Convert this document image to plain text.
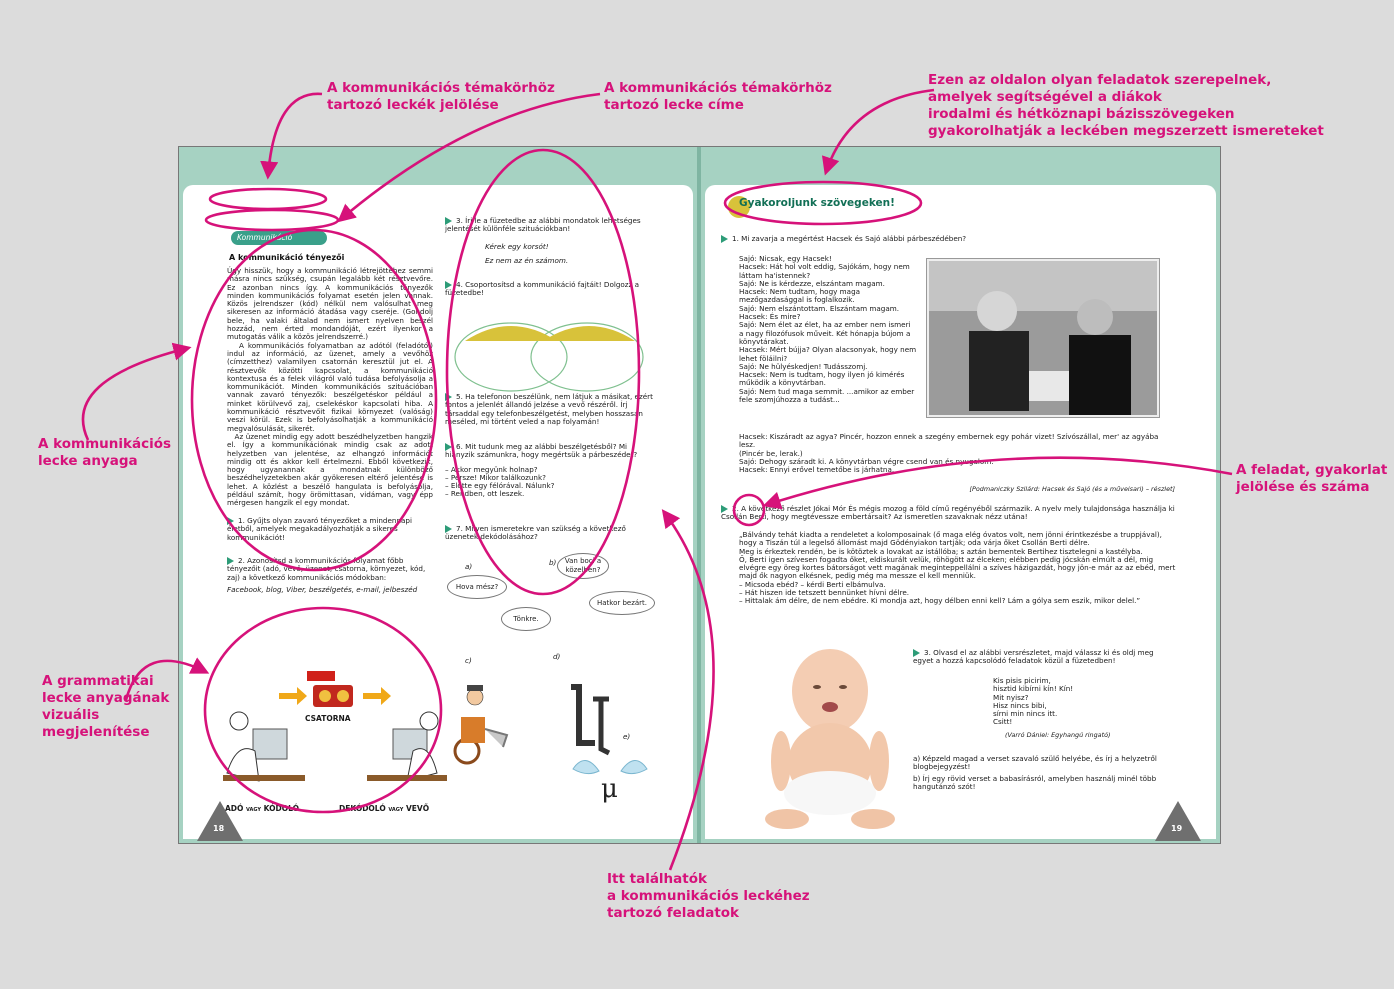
Kommunikáció
A kommunikáció tényezői
Úgy hisszük, hogy a kommunikáció létrejöttéhez semmi másra nincs szükség, csupán legalább két résztvevőre. Ez azonban nincs így. A kommunikációs tényezők minden kommunikációs folyamat esetén jelen vannak. Közös jelrendszer (kód) nélkül nem valósulhat meg sikeresen az információ átadása vagy cseréje. (Gondolj bele, ha valaki általad nem ismert nyelven beszél hozzád, nem érted mondandóját, ezért ilyenkor a mutogatás válik a közös jelrendszerré.)
A kommunikációs folyamatban az adótól (feladótól) indul az információ, az üzenet, amely a vevőhöz (címzetthez) valamilyen csatornán keresztül jut el. A résztvevők közötti kapcsolat, a kommunikáció kontextusa és a felek világról való tudása befolyásolja a kommunikációt. Minden kommunikációs szituációban vannak zavaró tényezők: beszélgetéskor például a minket körülvevő zaj, cselekéskor kapcsolati hiba. A kommunikáció résztvevőit fizikai környezet (valóság) veszi körül. Ezek is befolyásolhatják a kommunikáció megvalósulását, sikerét.
Az üzenet mindig egy adott beszédhelyzetben hangzik el. Így a kommunikációnak mindig csak az adott helyzetben van jelentése, az elhangzó információt mindig ott és akkor kell értelmezni. Ebből következik, hogy ugyanannak a mondatnak különböző beszédhelyzetekben akár gyökeresen eltérő jelentése is lehet. A közlést a beszélő hangulata is befolyásolja, például számít, hogy örömittasan, vidáman, vagy épp mérgesen hangzik el egy mondat.
1. Gyűjts olyan zavaró tényezőket a mindennapi életből, amelyek megakadályozhatják a sikeres kommunikációt!
2. Azonosítsd a kommunikációs folyamat főbb tényezőit (adó, vevő, üzenet, csatorna, környezet, kód, zaj) a következő kommunikációs módokban:

Facebook, blog, Viber, beszélgetés, e-mail, jelbeszéd

3. Írj le a füzetedbe az alábbi mondatok lehetséges jelentését különféle szituációkban!

Kérek egy korsót!
Ez nem az én számom.

4. Csoportosítsd a kommunikáció fajtáit! Dolgozz a füzetedbe!
verbális	nem verbális
5. Ha telefonon beszélünk, nem látjuk a másikat, ezért fontos a jelenlét állandó jelzése a vevő részéről. Írj társaddal egy telefonbeszélgetést, melyben hosszasan meséled, mi történt veled a nap folyamán!
6. Mit tudunk meg az alábbi beszélgetésből? Mi hiányzik számunkra, hogy megértsük a párbeszédet?

– Akkor megyünk holnap?
– Persze! Mikor találkozunk?
– Előtte egy félórával. Nálunk?
– Rendben, ott leszek.

7. Milyen ismeretekre van szükség a következő üzenetek dekódolásához?
a)	b)
Hova mész?
Van boci a közelben?
Tönkre.
Hatkor bezárt.
c)	d)
e)
μ
CSATORNA
ADÓ VAGY KÓDOLÓ	DEKÓDOLÓ VAGY VEVŐ
18
Gyakoroljunk szövegeken!
1. Mi zavarja a megértést Hacsek és Sajó alábbi párbeszédében?
Sajó: Nicsak, egy Hacsek!
Hacsek: Hát hol volt eddig, Sajókám, hogy nem láttam ha'istennek?
Sajó: Ne is kérdezze, elszántam magam.
Hacsek: Nem tudtam, hogy maga mezőgazdasággal is foglalkozik.
Sajó: Nem elszántottam. Elszántam magam.
Hacsek: És mire?
Sajó: Nem élet az élet, ha az ember nem ismeri a nagy filozófusok műveit. Két hónapja bújom a könyvtárakat.
Hacsek: Mért bújja? Olyan alacsonyak, hogy nem lehet föláilni?
Sajó: Ne hülyéskedjen! Tudásszomj.
Hacsek: Nem is tudtam, hogy ilyen jó kimérés működik a könyvtárban.
Sajó: Nem tud maga semmit. ...amikor az ember fele szomjúhozza a tudást...
Hacsek: Kiszáradt az agya? Pincér, hozzon ennek a szegény embernek egy pohár vizet! Szívószállal, mer' az agyába lesz.
(Pincér be, lerak.)
Sajó: Dehogy száradt ki. A könyvtárban végre csend van és nyugalom.
Hacsek: Ennyi erővel temetőbe is járhatna.
[Podmaniczky Szilárd: Hacsek és Sajó (és a műveisari) – részlet]
2. A következő részlet Jókai Mór És mégis mozog a föld című regényéből származik. A nyelv mely tulajdonsága használja ki Csollán Berti, hogy megtévessze embertársait? Az ismeretlen szavaknak nézz utána!
„Bálvándy tehát kiadta a rendeletet a kolomposainak (ő maga elég óvatos volt, nem jönni érintkezésbe a truppjával), hogy a Tiszán túl a legelső állomást majd Gödényiakon tartják; oda várja őket Csollán Berti délre.
Meg is érkeztek rendén, be is kötöztek a lovakat az istállóba; s aztán bementek Bertihez tisztelegni a kastélyba.
Ő, Berti igen szívesen fogadta őket, eldiskurált velük, röhögött az élceken; elébben pedig jócskán elmúlt a dél, mig elvégre egy öreg kortes bátorságot vett magának megintерpellálni a szíves házigazdát, hogy jön-e már az az ebéd, mert majd ők nagyon elkésnek, pedig még ma messze el kell menniük.
– Micsoda ebéd? – kérdi Berti elbámulva.
– Hát hiszen ide tetszett bennünket hívni délre.
– Hittalak ám délre, de nem ebédre. Ki mondja azt, hogy délben enni kell? Lám a gólya sem eszik, mikor delel.”
3. Olvasd el az alábbi versrészletet, majd válassz ki és oldj meg egyet a hozzá kapcsolódó feladatok közül a füzetedben!
Kis pisis picirim,
hisztid kibírni kín! Kín!
Mit nyisz?
Hisz nincs bibi,
sírni min nincs itt.
Csitt!
(Varró Dániel: Egyhangú ringató)
a) Képzeld magad a verset szavaló szülő helyébe, és írj a helyzetről blogbejegyzést!
b) Írj egy rövid verset a babasírásról, amelyben használj minél több hangutánzó szót!
19
A kommunikációs témakörhöz
tartozó leckék jelölése
A kommunikációs témakörhöz
tartozó lecke címe
Ezen az oldalon olyan feladatok szerepelnek,
amelyek segítségével a diákok
irodalmi és hétköznapi bázisszövegeken
gyakorolhatják a leckében megszerzett ismereteket
A kommunikációs
lecke anyaga
A feladat, gyakorlat
jelölése és száma
A grammatikai
lecke anyagának
vizuális
megjelenítése
Itt találhatók
a kommunikációs leckéhez
tartozó feladatok
